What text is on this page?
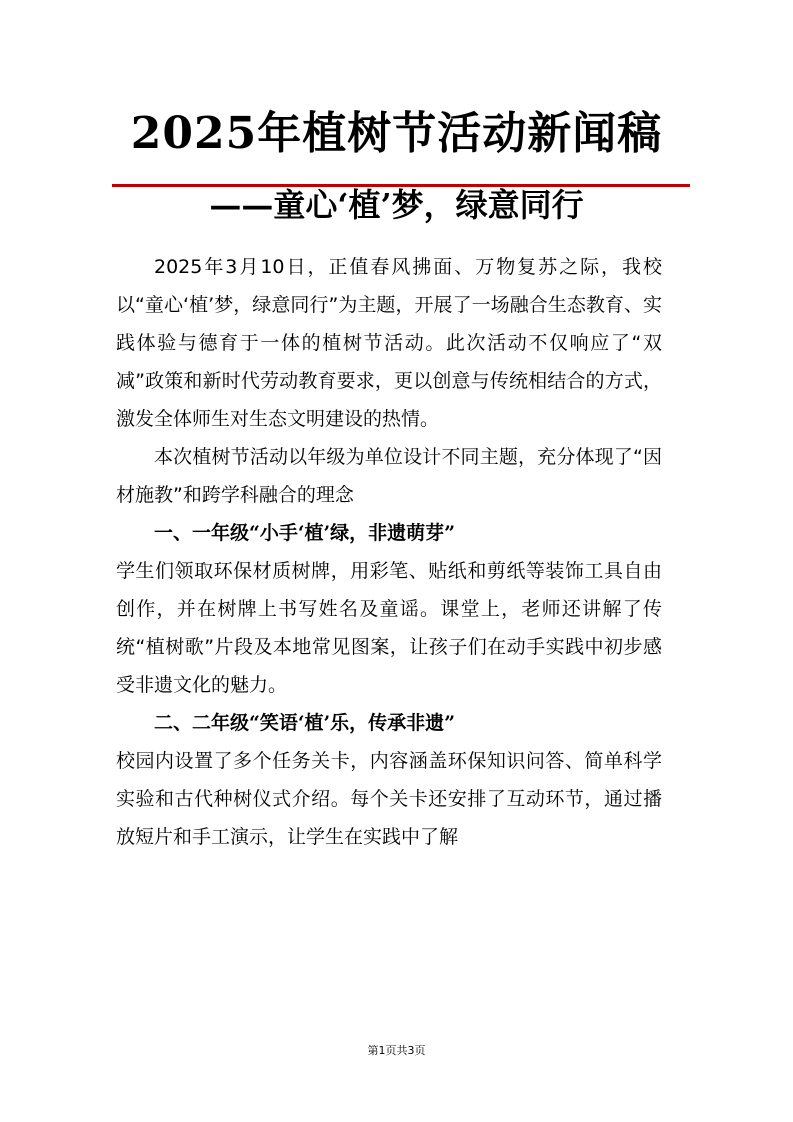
2025年植树节活动新闻稿
——童心‘植’梦，绿意同行

2025年3月10日，正值春风拂面、万物复苏之际，我校以“童心‘植’梦，绿意同行”为主题，开展了一场融合生态教育、实践体验与德育于一体的植树节活动。此次活动不仅响应了“双减”政策和新时代劳动教育要求，更以创意与传统相结合的方式，激发全体师生对生态文明建设的热情。

本次植树节活动以年级为单位设计不同主题，充分体现了“因材施教”和跨学科融合的理念

一、一年级“小手‘植’绿，非遗萌芽”

学生们领取环保材质树牌，用彩笔、贴纸和剪纸等装饰工具自由创作，并在树牌上书写姓名及童谣。课堂上，老师还讲解了传统“植树歌”片段及本地常见图案，让孩子们在动手实践中初步感受非遗文化的魅力。

二、二年级“笑语‘植’乐，传承非遗”

校园内设置了多个任务关卡，内容涵盖环保知识问答、简单科学实验和古代种树仪式介绍。每个关卡还安排了互动环节，通过播放短片和手工演示，让学生在实践中了解

第1页共3页
